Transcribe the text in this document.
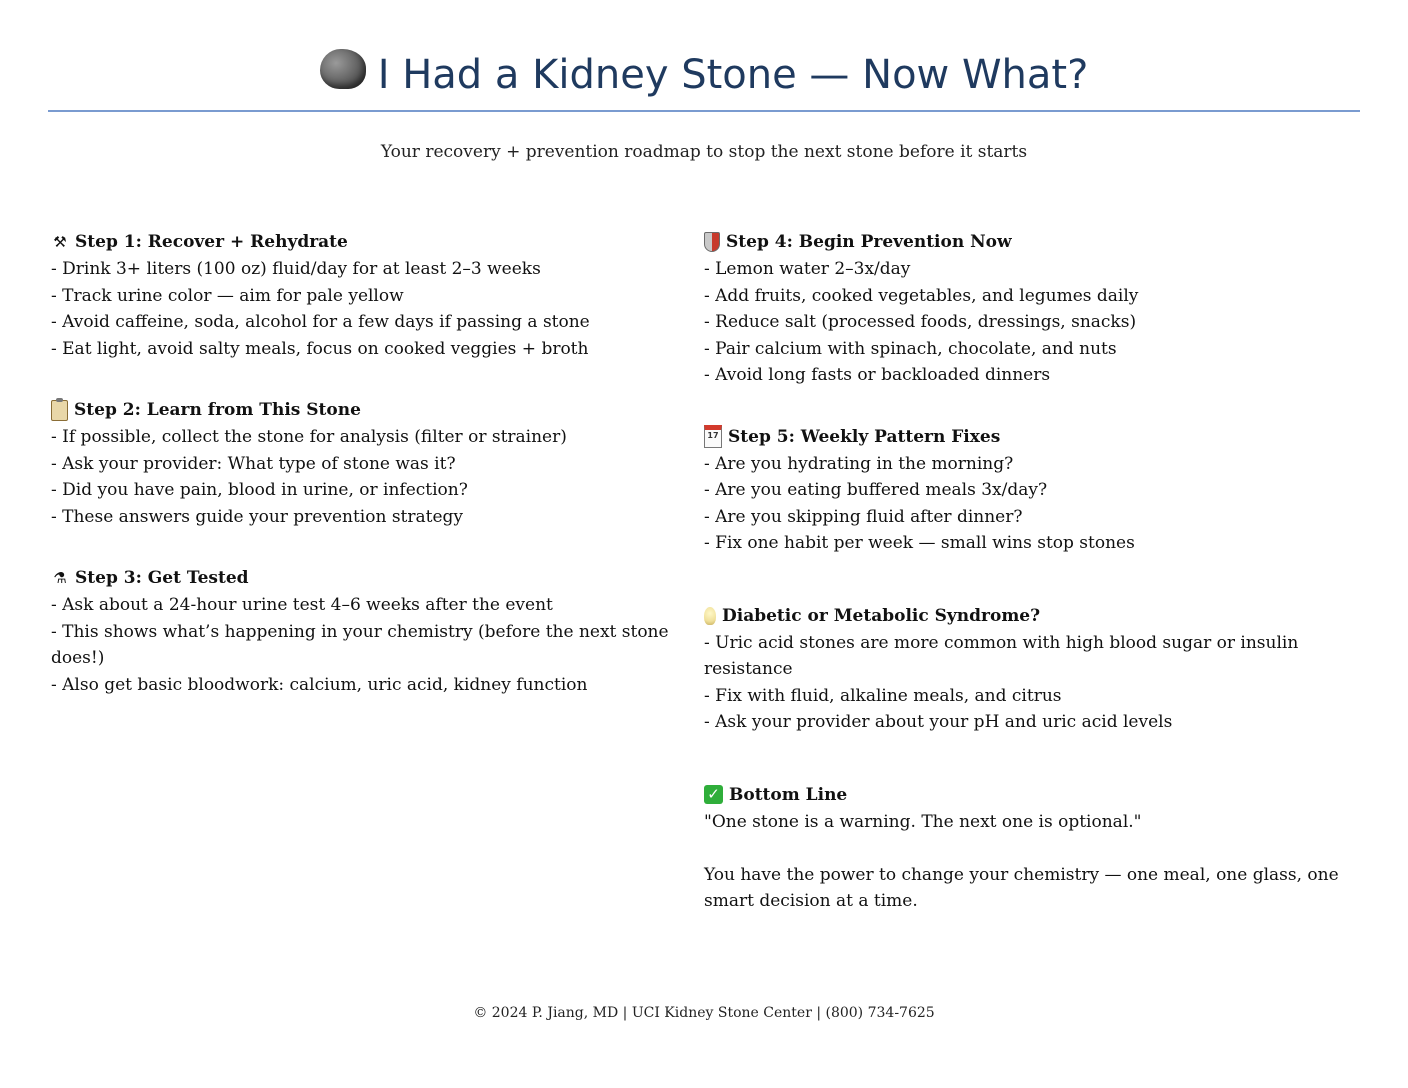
I Had a Kidney Stone — Now What?
Your recovery + prevention roadmap to stop the next stone before it starts
⚒ Step 1: Recover + Rehydrate
- Drink 3+ liters (100 oz) fluid/day for at least 2–3 weeks
- Track urine color — aim for pale yellow
- Avoid caffeine, soda, alcohol for a few days if passing a stone
- Eat light, avoid salty meals, focus on cooked veggies + broth
Step 2: Learn from This Stone
- If possible, collect the stone for analysis (filter or strainer)
- Ask your provider: What type of stone was it?
- Did you have pain, blood in urine, or infection?
- These answers guide your prevention strategy
⚗ Step 3: Get Tested
- Ask about a 24-hour urine test 4–6 weeks after the event
- This shows what’s happening in your chemistry (before the next stone does!)
- Also get basic bloodwork: calcium, uric acid, kidney function
Step 4: Begin Prevention Now
- Lemon water 2–3x/day
- Add fruits, cooked vegetables, and legumes daily
- Reduce salt (processed foods, dressings, snacks)
- Pair calcium with spinach, chocolate, and nuts
- Avoid long fasts or backloaded dinners
17 Step 5: Weekly Pattern Fixes
- Are you hydrating in the morning?
- Are you eating buffered meals 3x/day?
- Are you skipping fluid after dinner?
- Fix one habit per week — small wins stop stones
Diabetic or Metabolic Syndrome?
- Uric acid stones are more common with high blood sugar or insulin resistance
- Fix with fluid, alkaline meals, and citrus
- Ask your provider about your pH and uric acid levels
✓ Bottom Line
"One stone is a warning. The next one is optional."
You have the power to change your chemistry — one meal, one glass, one smart decision at a time.
© 2024 P. Jiang, MD | UCI Kidney Stone Center | (800) 734-7625
